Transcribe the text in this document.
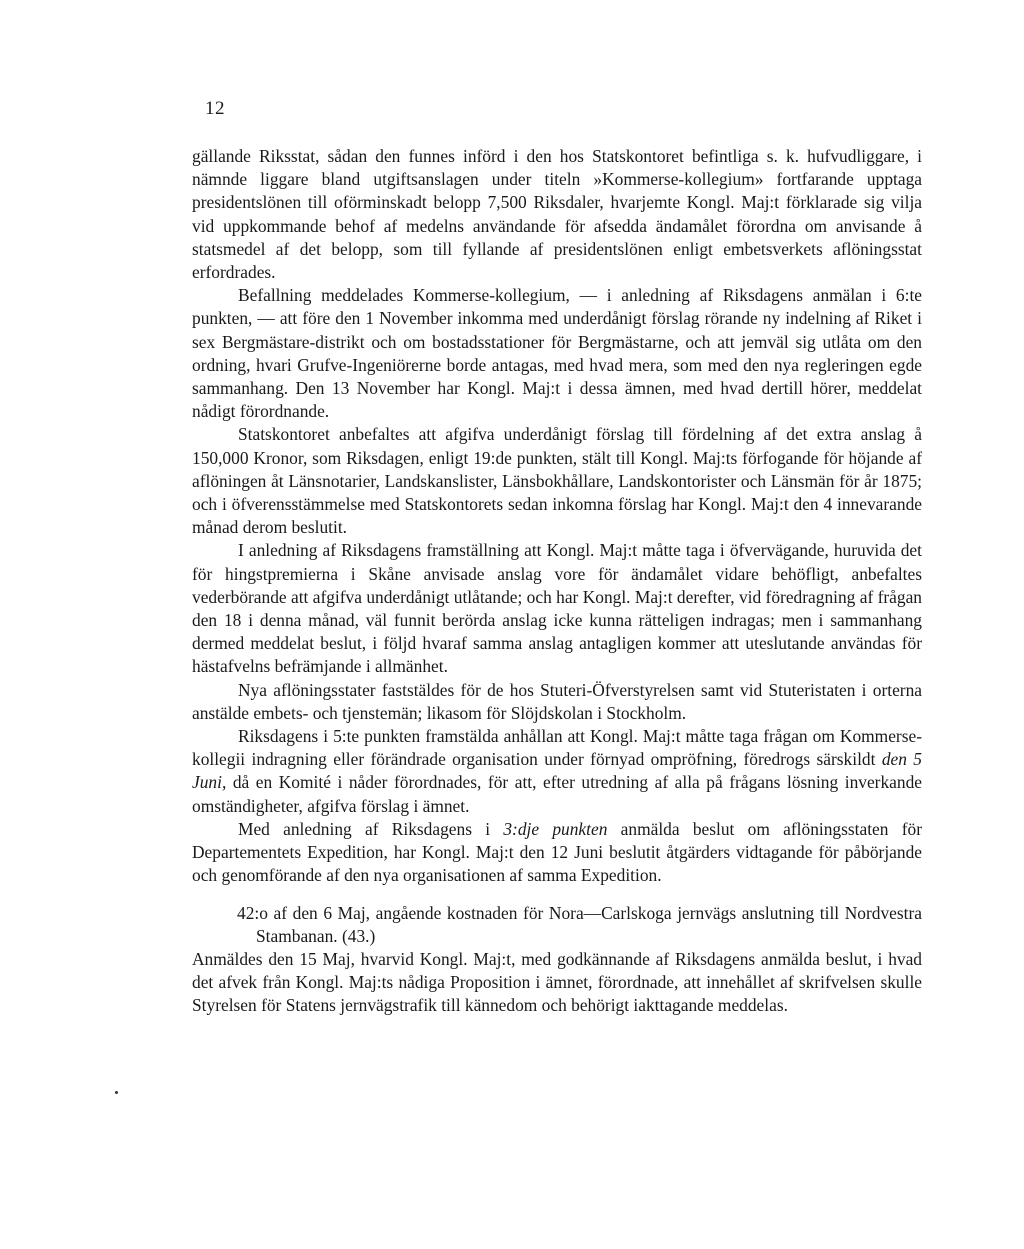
12

gällande Riksstat, sådan den funnes införd i den hos Statskontoret befintliga s. k. hufvudliggare, i nämnde liggare bland utgiftsanslagen under titeln »Kommerse-kollegium» fortfarande upptaga presidentslönen till oförminskadt belopp 7,500 Riksdaler, hvarjemte Kongl. Maj:t förklarade sig vilja vid uppkommande behof af medelns användande för afsedda ändamålet förordna om anvisande å statsmedel af det belopp, som till fyllande af presidentslönen enligt embetsverkets aflöningsstat erfordrades.

Befallning meddelades Kommerse-kollegium, — i anledning af Riksdagens anmälan i 6:te punkten, — att före den 1 November inkomma med underdånigt förslag rörande ny indelning af Riket i sex Bergmästare-distrikt och om bostadsstationer för Bergmästarne, och att jemväl sig utlåta om den ordning, hvari Grufve-Ingeniörerne borde antagas, med hvad mera, som med den nya regleringen egde sammanhang. Den 13 November har Kongl. Maj:t i dessa ämnen, med hvad dertill hörer, meddelat nådigt förordnande.

Statskontoret anbefaltes att afgifva underdånigt förslag till fördelning af det extra anslag å 150,000 Kronor, som Riksdagen, enligt 19:de punkten, stält till Kongl. Maj:ts förfogande för höjande af aflöningen åt Länsnotarier, Landskanslister, Länsbokhållare, Landskontorister och Länsmän för år 1875; och i öfverensstämmelse med Statskontorets sedan inkomna förslag har Kongl. Maj:t den 4 innevarande månad derom beslutit.

I anledning af Riksdagens framställning att Kongl. Maj:t måtte taga i öfvervägande, huruvida det för hingstpremierna i Skåne anvisade anslag vore för ändamålet vidare behöfligt, anbefaltes vederbörande att afgifva underdånigt utlåtande; och har Kongl. Maj:t derefter, vid föredragning af frågan den 18 i denna månad, väl funnit berörda anslag icke kunna rätteligen indragas; men i sammanhang dermed meddelat beslut, i följd hvaraf samma anslag antagligen kommer att uteslutande användas för hästafvelns befrämjande i allmänhet.

Nya aflöningsstater faststäldes för de hos Stuteri-Öfverstyrelsen samt vid Stuteristaten i orterna anstälde embets- och tjenstemän; likasom för Slöjdskolan i Stockholm.

Riksdagens i 5:te punkten framstälda anhållan att Kongl. Maj:t måtte taga frågan om Kommerse-kollegii indragning eller förändrade organisation under förnyad ompröfning, föredrogs särskildt den 5 Juni, då en Komité i nåder förordnades, för att, efter utredning af alla på frågans lösning inverkande omständigheter, afgifva förslag i ämnet.

Med anledning af Riksdagens i 3:dje punkten anmälda beslut om aflöningsstaten för Departementets Expedition, har Kongl. Maj:t den 12 Juni beslutit åtgärders vidtagande för påbörjande och genomförande af den nya organisationen af samma Expedition.

42:o af den 6 Maj, angående kostnaden för Nora—Carlskoga jernvägs anslutning till Nordvestra Stambanan. (43.)

Anmäldes den 15 Maj, hvarvid Kongl. Maj:t, med godkännande af Riksdagens anmälda beslut, i hvad det afvek från Kongl. Maj:ts nådiga Proposition i ämnet, förordnade, att innehållet af skrifvelsen skulle Styrelsen för Statens jernvägstrafik till kännedom och behörigt iakttagande meddelas.
